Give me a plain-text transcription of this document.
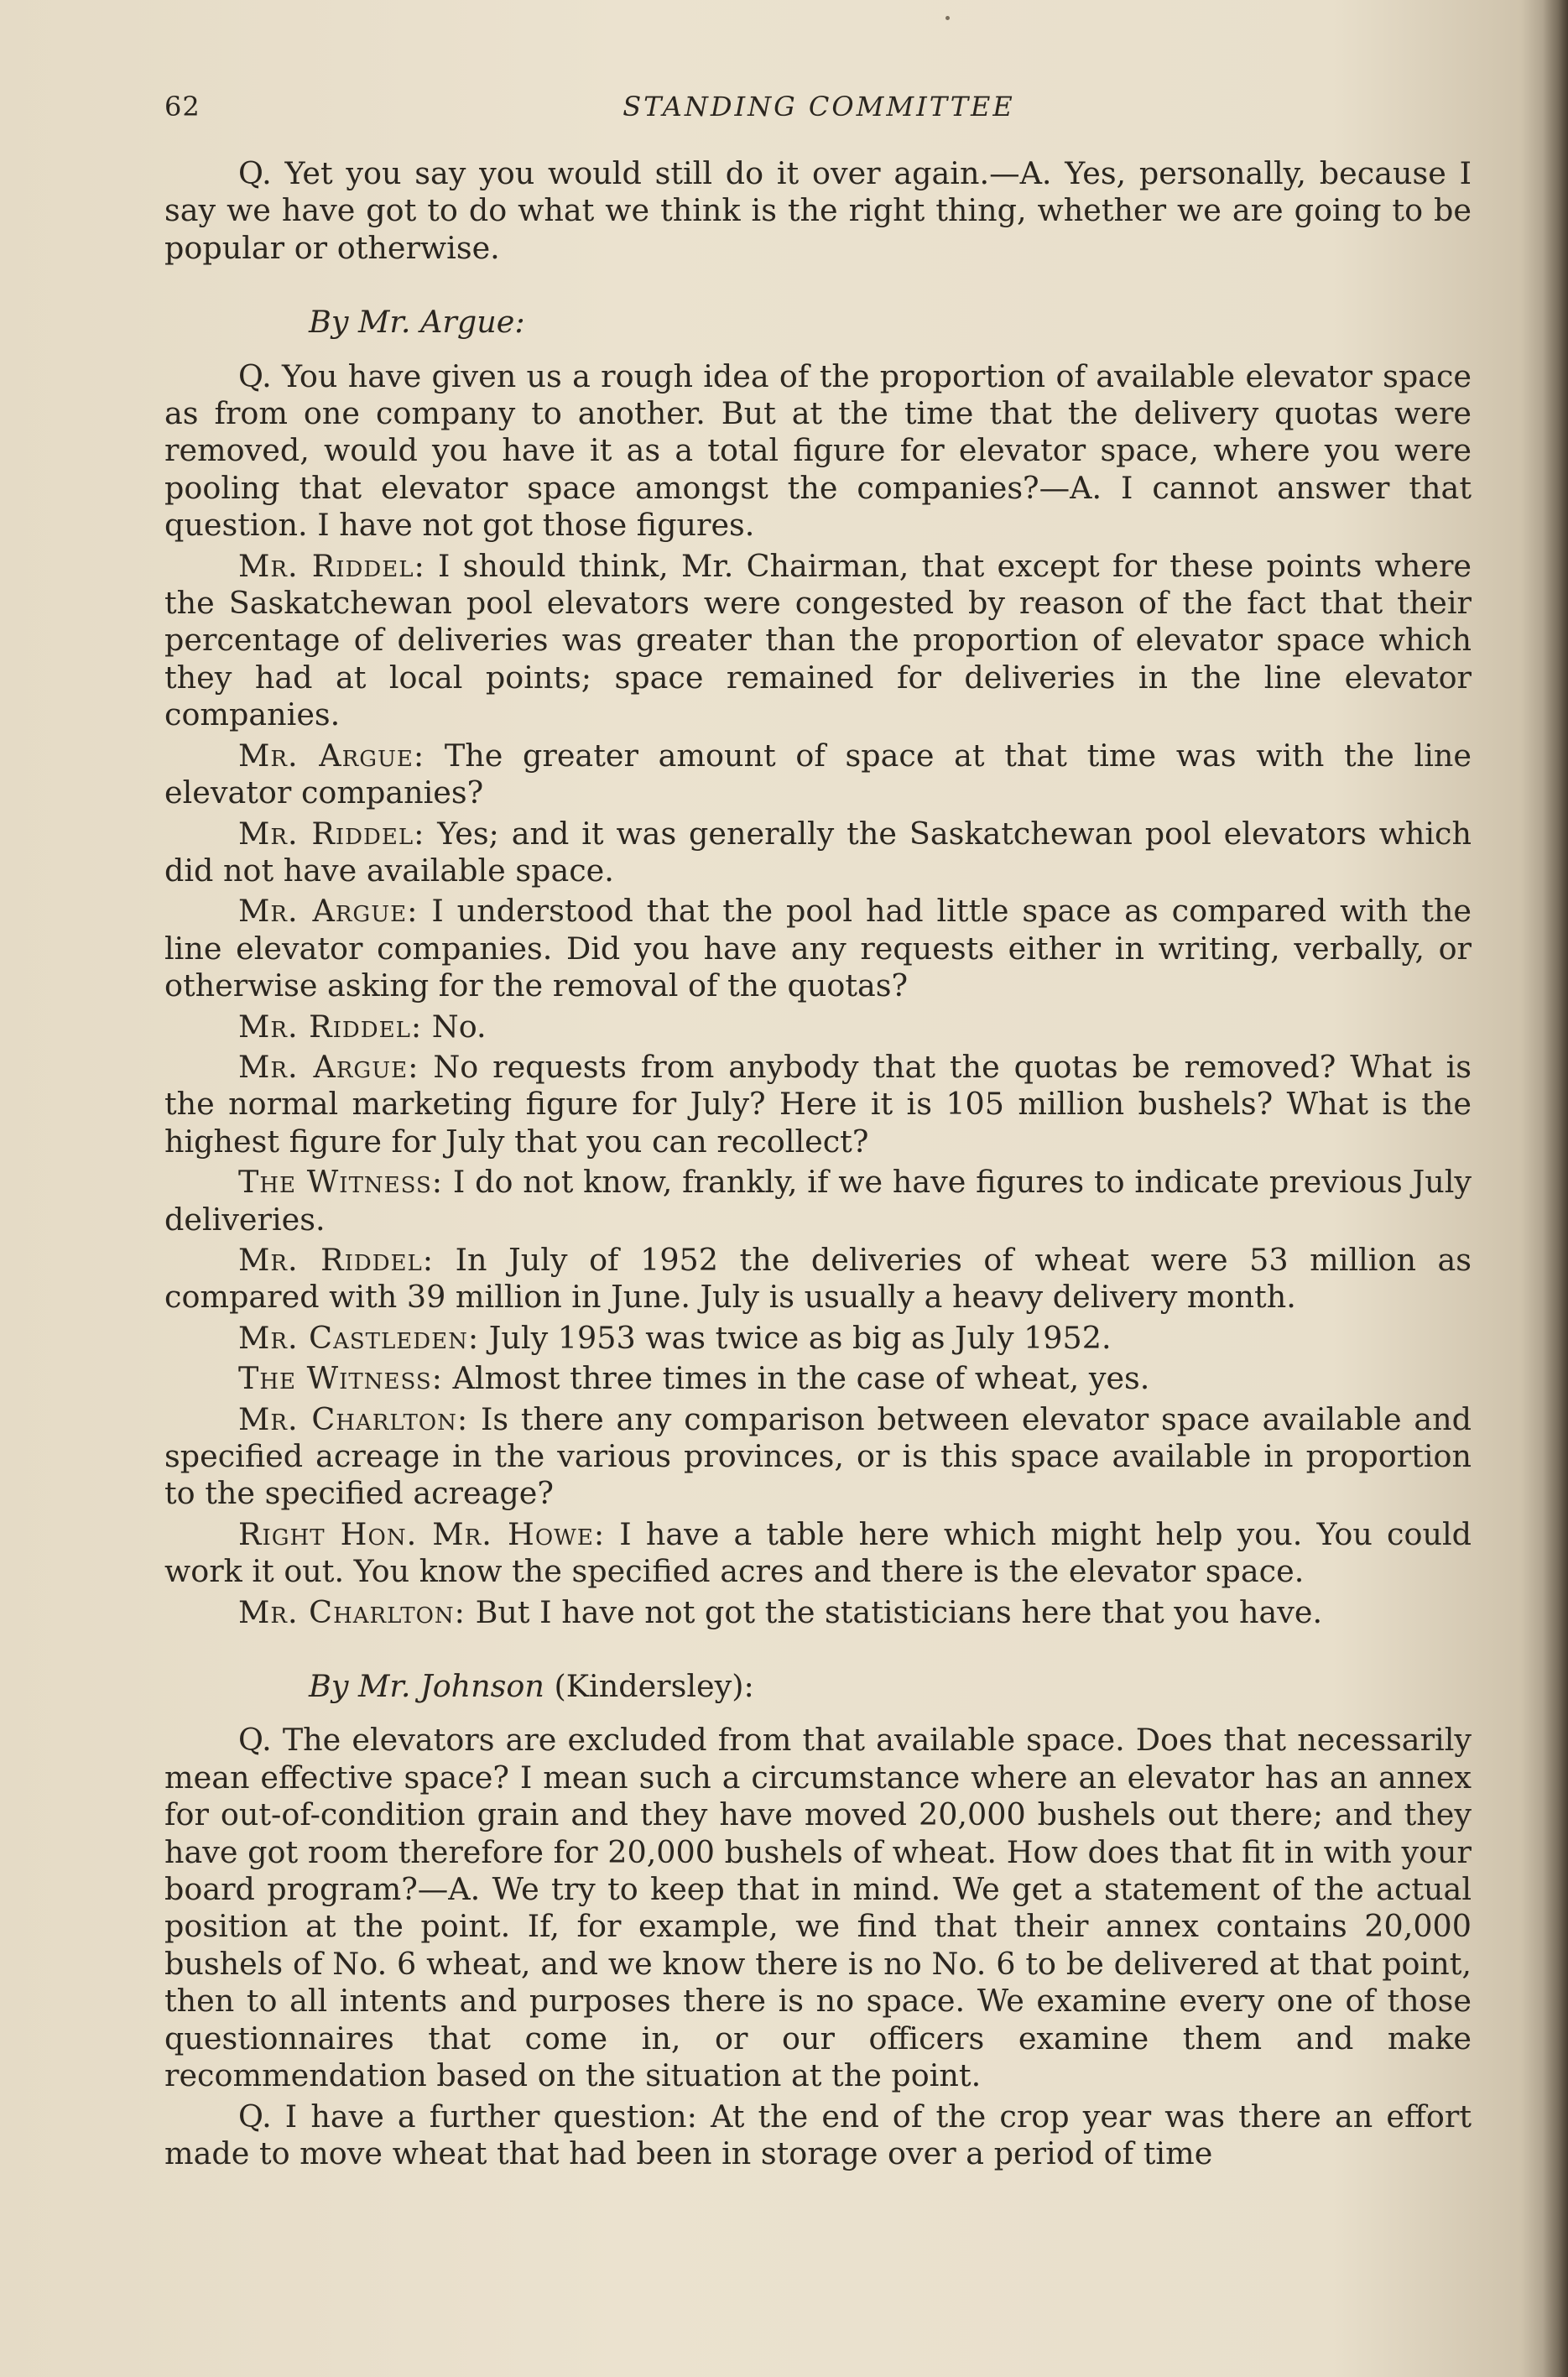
62	STANDING COMMITTEE

Q. Yet you say you would still do it over again.—A. Yes, personally, because I say we have got to do what we think is the right thing, whether we are going to be popular or otherwise.

By Mr. Argue:

Q. You have given us a rough idea of the proportion of available elevator space as from one company to another. But at the time that the delivery quotas were removed, would you have it as a total figure for elevator space, where you were pooling that elevator space amongst the companies?—A. I cannot answer that question. I have not got those figures.

Mr. Riddel: I should think, Mr. Chairman, that except for these points where the Saskatchewan pool elevators were congested by reason of the fact that their percentage of deliveries was greater than the proportion of elevator space which they had at local points; space remained for deliveries in the line elevator companies.

Mr. Argue: The greater amount of space at that time was with the line elevator companies?

Mr. Riddel: Yes; and it was generally the Saskatchewan pool elevators which did not have available space.

Mr. Argue: I understood that the pool had little space as compared with the line elevator companies. Did you have any requests either in writing, verbally, or otherwise asking for the removal of the quotas?

Mr. Riddel: No.

Mr. Argue: No requests from anybody that the quotas be removed? What is the normal marketing figure for July? Here it is 105 million bushels? What is the highest figure for July that you can recollect?

The Witness: I do not know, frankly, if we have figures to indicate previous July deliveries.

Mr. Riddel: In July of 1952 the deliveries of wheat were 53 million as compared with 39 million in June. July is usually a heavy delivery month.

Mr. Castleden: July 1953 was twice as big as July 1952.

The Witness: Almost three times in the case of wheat, yes.

Mr. Charlton: Is there any comparison between elevator space available and specified acreage in the various provinces, or is this space available in proportion to the specified acreage?

Right Hon. Mr. Howe: I have a table here which might help you. You could work it out. You know the specified acres and there is the elevator space.

Mr. Charlton: But I have not got the statisticians here that you have.

By Mr. Johnson (Kindersley):

Q. The elevators are excluded from that available space. Does that necessarily mean effective space? I mean such a circumstance where an elevator has an annex for out-of-condition grain and they have moved 20,000 bushels out there; and they have got room therefore for 20,000 bushels of wheat. How does that fit in with your board program?—A. We try to keep that in mind. We get a statement of the actual position at the point. If, for example, we find that their annex contains 20,000 bushels of No. 6 wheat, and we know there is no No. 6 to be delivered at that point, then to all intents and purposes there is no space. We examine every one of those questionnaires that come in, or our officers examine them and make recommendation based on the situation at the point.

Q. I have a further question: At the end of the crop year was there an effort made to move wheat that had been in storage over a period of time
